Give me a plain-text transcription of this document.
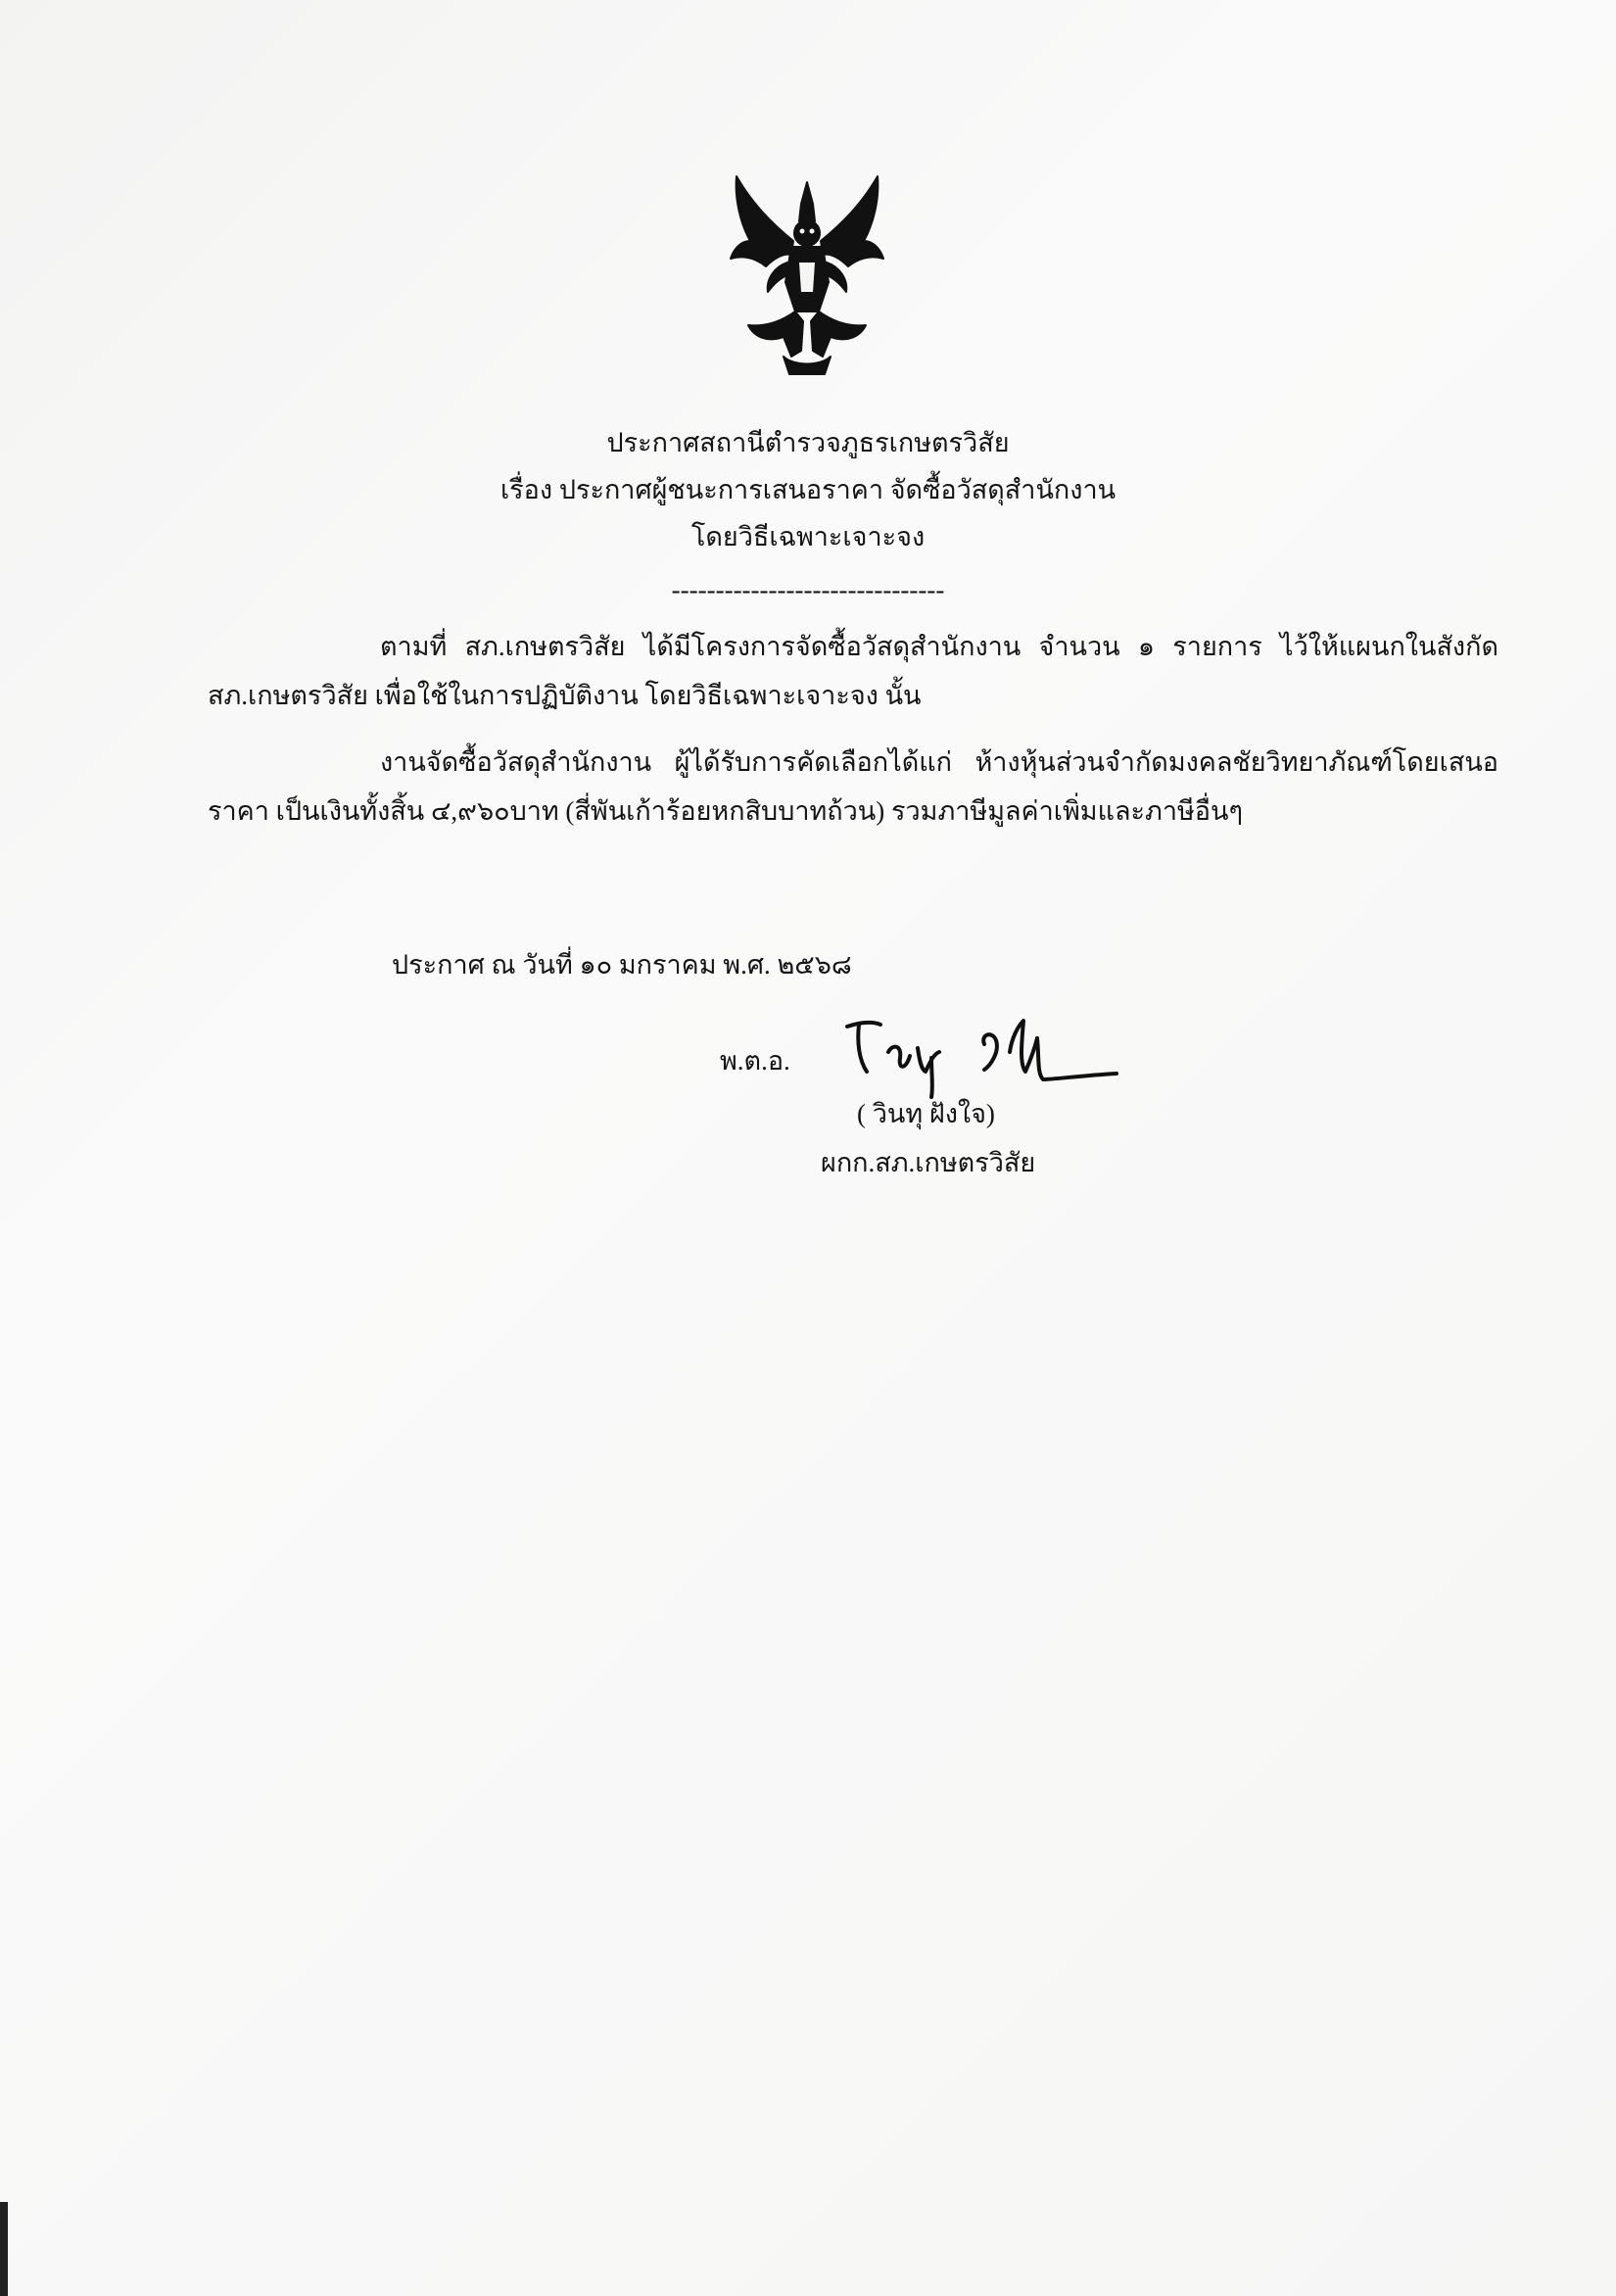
ประกาศสถานีตำรวจภูธรเกษตรวิสัย
เรื่อง ประกาศผู้ชนะการเสนอราคา จัดซื้อวัสดุสำนักงาน
โดยวิธีเฉพาะเจาะจง
-------------------------------
ตามที่ สภ.เกษตรวิสัย ได้มีโครงการจัดซื้อวัสดุสำนักงาน จำนวน ๑ รายการ ไว้ให้แผนกในสังกัด
สภ.เกษตรวิสัย เพื่อใช้ในการปฏิบัติงาน โดยวิธีเฉพาะเจาะจง นั้น
งานจัดซื้อวัสดุสำนักงาน ผู้ได้รับการคัดเลือกได้แก่ ห้างหุ้นส่วนจำกัดมงคลชัยวิทยาภัณฑ์โดยเสนอ
ราคา เป็นเงินทั้งสิ้น ๔,๙๖๐บาท (สี่พันเก้าร้อยหกสิบบาทถ้วน) รวมภาษีมูลค่าเพิ่มและภาษีอื่นๆ
ประกาศ ณ วันที่ ๑๐ มกราคม พ.ศ. ๒๕๖๘
พ.ต.อ.
( วินทุ ฝังใจ)
ผกก.สภ.เกษตรวิสัย
